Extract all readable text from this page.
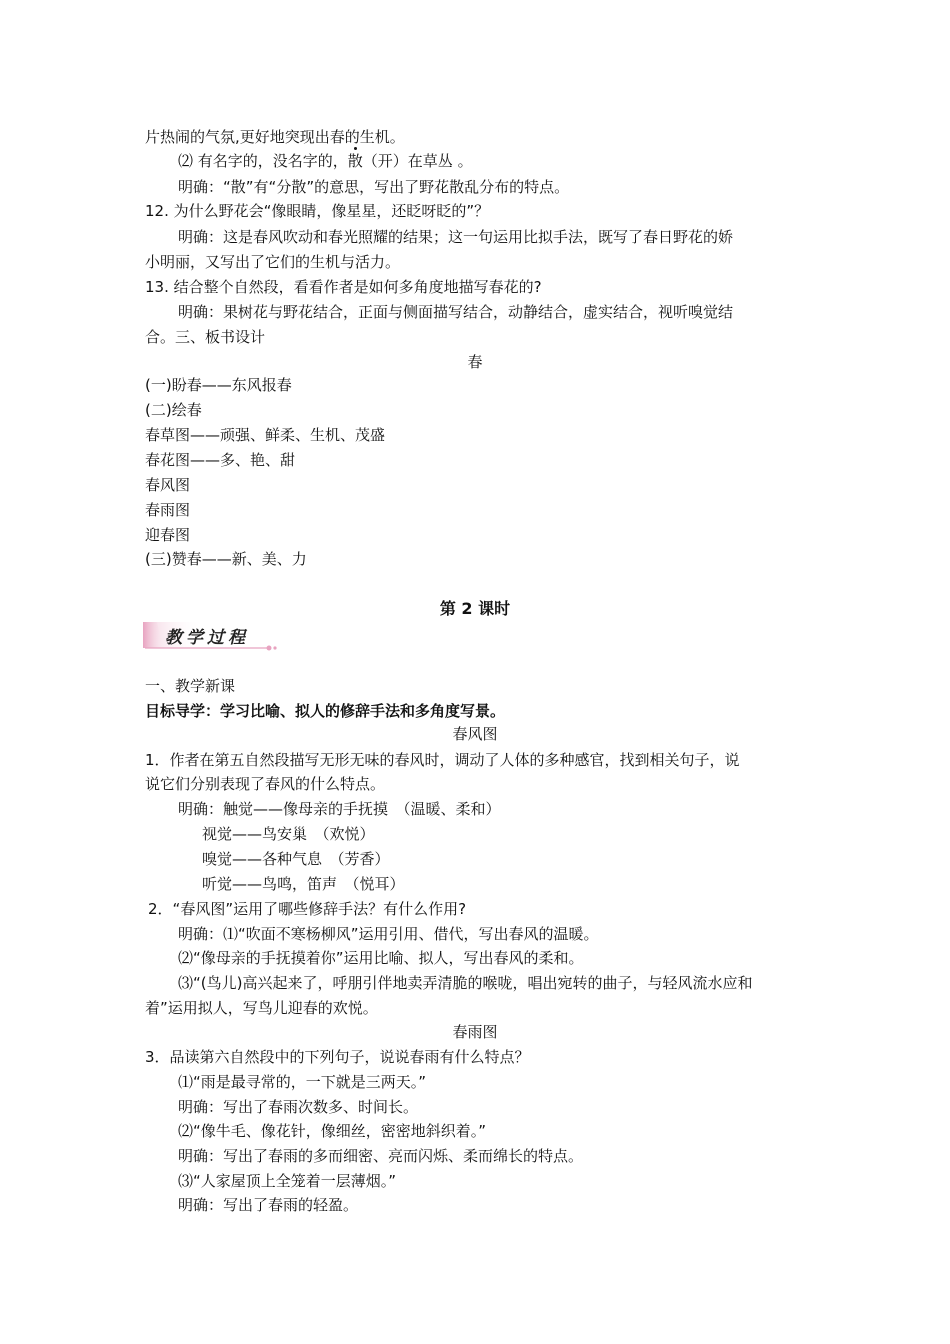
片热闹的气氛,更好地突现出春的生机。
⑵ 有名字的，没名字的，散（开）在草丛 。
明确：“散”有“分散”的意思，写出了野花散乱分布的特点。
12. 为什么野花会“像眼睛，像星星，还眨呀眨的”？
明确：这是春风吹动和春光照耀的结果；这一句运用比拟手法，既写了春日野花的娇
小明丽，又写出了它们的生机与活力。
13. 结合整个自然段，看看作者是如何多角度地描写春花的?
明确：果树花与野花结合，正面与侧面描写结合，动静结合，虚实结合，视听嗅觉结
合。三、板书设计
春
(一)盼春——东风报春
(二)绘春
春草图——顽强、鲜柔、生机、茂盛
春花图——多、艳、甜
春风图
春雨图
迎春图
(三)赞春——新、美、力
第 2 课时
教学过程
一、教学新课
目标导学：学习比喻、拟人的修辞手法和多角度写景。
春风图
1．作者在第五自然段描写无形无味的春风时，调动了人体的多种感官，找到相关句子，说
说它们分别表现了春风的什么特点。
明确：触觉——像母亲的手抚摸　（温暖、柔和）
视觉——鸟安巢　（欢悦）
嗅觉——各种气息　（芳香）
听觉——鸟鸣，笛声　（悦耳）
2．“春风图”运用了哪些修辞手法？有什么作用?
明确：⑴“吹面不寒杨柳风”运用引用、借代，写出春风的温暖。
⑵“像母亲的手抚摸着你”运用比喻、拟人，写出春风的柔和。
⑶“(鸟儿)高兴起来了，呼朋引伴地卖弄清脆的喉咙，唱出宛转的曲子，与轻风流水应和
着”运用拟人，写鸟儿迎春的欢悦。
春雨图
3．品读第六自然段中的下列句子，说说春雨有什么特点？
⑴“雨是最寻常的，一下就是三两天。”
明确：写出了春雨次数多、时间长。
⑵“像牛毛、像花针，像细丝，密密地斜织着。”
明确：写出了春雨的多而细密、亮而闪烁、柔而绵长的特点。
⑶“人家屋顶上全笼着一层薄烟。”
明确：写出了春雨的轻盈。
